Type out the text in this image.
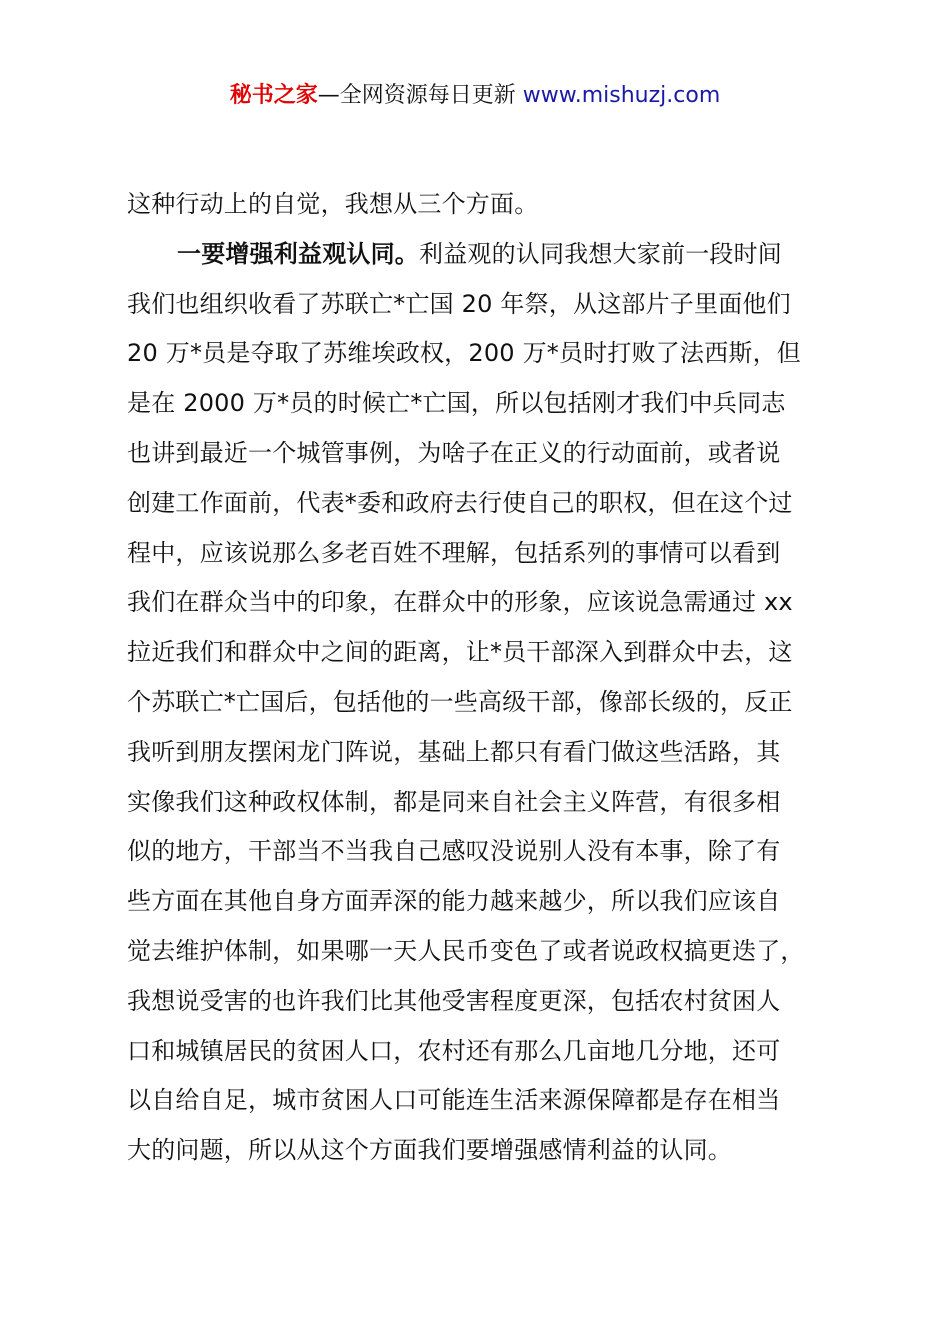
秘书之家—全网资源每日更新 www.mishuzj.com
这种行动上的自觉，我想从三个方面。
一要增强利益观认同。利益观的认同我想大家前一段时间
我们也组织收看了苏联亡*亡国 20 年祭，从这部片子里面他们
20 万*员是夺取了苏维埃政权，200 万*员时打败了法西斯，但
是在 2000 万*员的时候亡*亡国，所以包括刚才我们中兵同志
也讲到最近一个城管事例，为啥子在正义的行动面前，或者说
创建工作面前，代表*委和政府去行使自己的职权，但在这个过
程中，应该说那么多老百姓不理解，包括系列的事情可以看到
我们在群众当中的印象，在群众中的形象，应该说急需通过 xx
拉近我们和群众中之间的距离，让*员干部深入到群众中去，这
个苏联亡*亡国后，包括他的一些高级干部，像部长级的，反正
我听到朋友摆闲龙门阵说，基础上都只有看门做这些活路，其
实像我们这种政权体制，都是同来自社会主义阵营，有很多相
似的地方，干部当不当我自己感叹没说别人没有本事，除了有
些方面在其他自身方面弄深的能力越来越少，所以我们应该自
觉去维护体制，如果哪一天人民币变色了或者说政权搞更迭了，
我想说受害的也许我们比其他受害程度更深，包括农村贫困人
口和城镇居民的贫困人口，农村还有那么几亩地几分地，还可
以自给自足，城市贫困人口可能连生活来源保障都是存在相当
大的问题，所以从这个方面我们要增强感情利益的认同。
